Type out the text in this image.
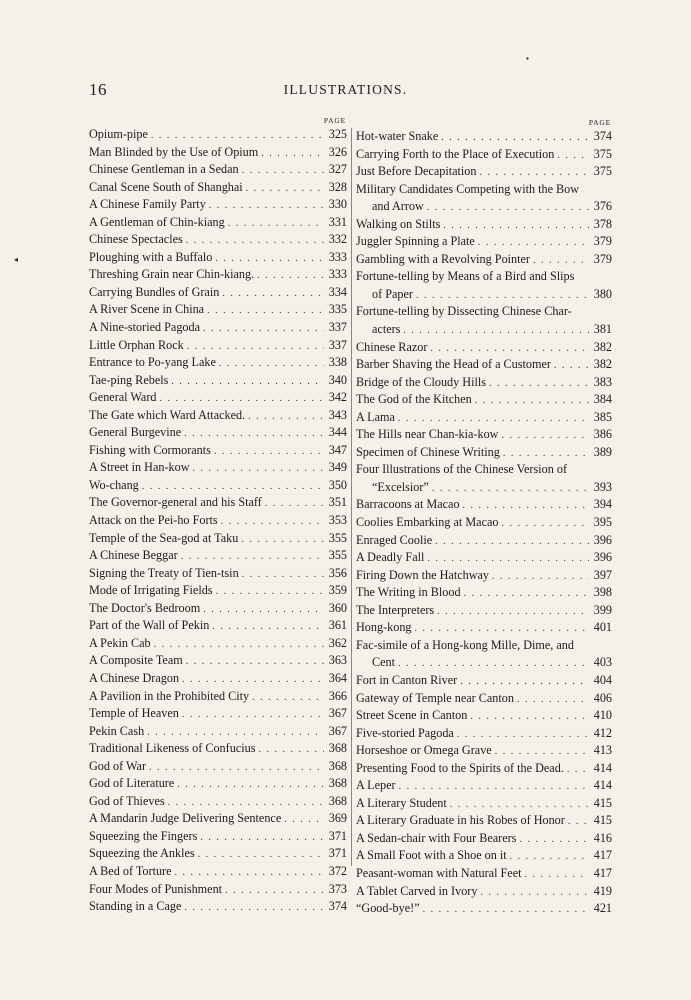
16	ILLUSTRATIONS.
PAGE
Opium-pipe . . .	325
Man Blinded by the Use of Opium . . .	326
Chinese Gentleman in a Sedan . . .	327
Canal Scene South of Shanghai . . .	328
A Chinese Family Party . . .	330
A Gentleman of Chin-kiang . . .	331
Chinese Spectacles . . .	332
Ploughing with a Buffalo . . .	333
Threshing Grain near Chin-kiang. . . .	333
Carrying Bundles of Grain . . .	334
A River Scene in China . . .	335
A Nine-storied Pagoda . . .	337
Little Orphan Rock . . .	337
Entrance to Po-yang Lake . . .	338
Tae-ping Rebels . . .	340
General Ward . . .	342
The Gate which Ward Attacked. . . .	343
General Burgevine . . .	344
Fishing with Cormorants . . .	347
A Street in Han-kow . . .	349
Wo-chang . . .	350
The Governor-general and his Staff . . .	351
Attack on the Pei-ho Forts . . .	353
Temple of the Sea-god at Taku . . .	355
A Chinese Beggar . . .	355
Signing the Treaty of Tien-tsin . . .	356
Mode of Irrigating Fields . . .	359
The Doctor's Bedroom . . .	360
Part of the Wall of Pekin . . .	361
A Pekin Cab . . .	362
A Composite Team . . .	363
A Chinese Dragon . . .	364
A Pavilion in the Prohibited City . . .	366
Temple of Heaven . . .	367
Pekin Cash . . .	367
Traditional Likeness of Confucius . . .	368
God of War . . .	368
God of Literature . . .	368
God of Thieves . . .	368
A Mandarin Judge Delivering Sentence . . .	369
Squeezing the Fingers . . .	371
Squeezing the Ankles . . .	371
A Bed of Torture . . .	372
Four Modes of Punishment . . .	373
Standing in a Cage . . .	374
PAGE
Hot-water Snake . . .	374
Carrying Forth to the Place of Execution . . .	375
Just Before Decapitation . . .	375
Military Candidates Competing with the Bow
and Arrow . . .	376
Walking on Stilts . . .	378
Juggler Spinning a Plate . . .	379
Gambling with a Revolving Pointer . . .	379
Fortune-telling by Means of a Bird and Slips
of Paper . . .	380
Fortune-telling by Dissecting Chinese Char-
acters . . .	381
Chinese Razor . . .	382
Barber Shaving the Head of a Customer . . .	382
Bridge of the Cloudy Hills . . .	383
The God of the Kitchen . . .	384
A Lama . . .	385
The Hills near Chan-kia-kow . . .	386
Specimen of Chinese Writing . . .	389
Four Illustrations of the Chinese Version of
“Excelsior” . . .	393
Barracoons at Macao . . .	394
Coolies Embarking at Macao . . .	395
Enraged Coolie . . .	396
A Deadly Fall . . .	396
Firing Down the Hatchway . . .	397
The Writing in Blood . . .	398
The Interpreters . . .	399
Hong-kong . . .	401
Fac-simile of a Hong-kong Mille, Dime, and
Cent . . .	403
Fort in Canton River . . .	404
Gateway of Temple near Canton . . .	406
Street Scene in Canton . . .	410
Five-storied Pagoda . . .	412
Horseshoe or Omega Grave . . .	413
Presenting Food to the Spirits of the Dead. . . . 414
A Leper . . .	414
A Literary Student . . .	415
A Literary Graduate in his Robes of Honor . . . 415
A Sedan-chair with Four Bearers . . .	416
A Small Foot with a Shoe on it . . .	417
Peasant-woman with Natural Feet . . .	417
A Tablet Carved in Ivory . . .	419
“Good-bye!” . . .	421
▪
◂
